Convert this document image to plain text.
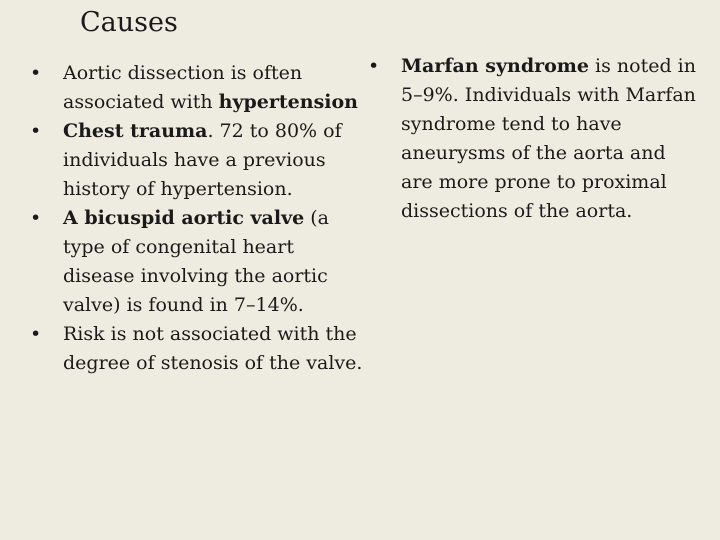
Causes
•	Aortic dissection is often associated with hypertension
•	Chest trauma. 72 to 80% of individuals have a previous history of hypertension.
•	A bicuspid aortic valve (a type of congenital heart disease involving the aortic valve) is found in 7–14%.
•	Risk is not associated with the degree of stenosis of the valve.
•	Marfan syndrome is noted in 5–9%. Individuals with Marfan syndrome tend to have aneurysms of the aorta and are more prone to proximal dissections of the aorta.
